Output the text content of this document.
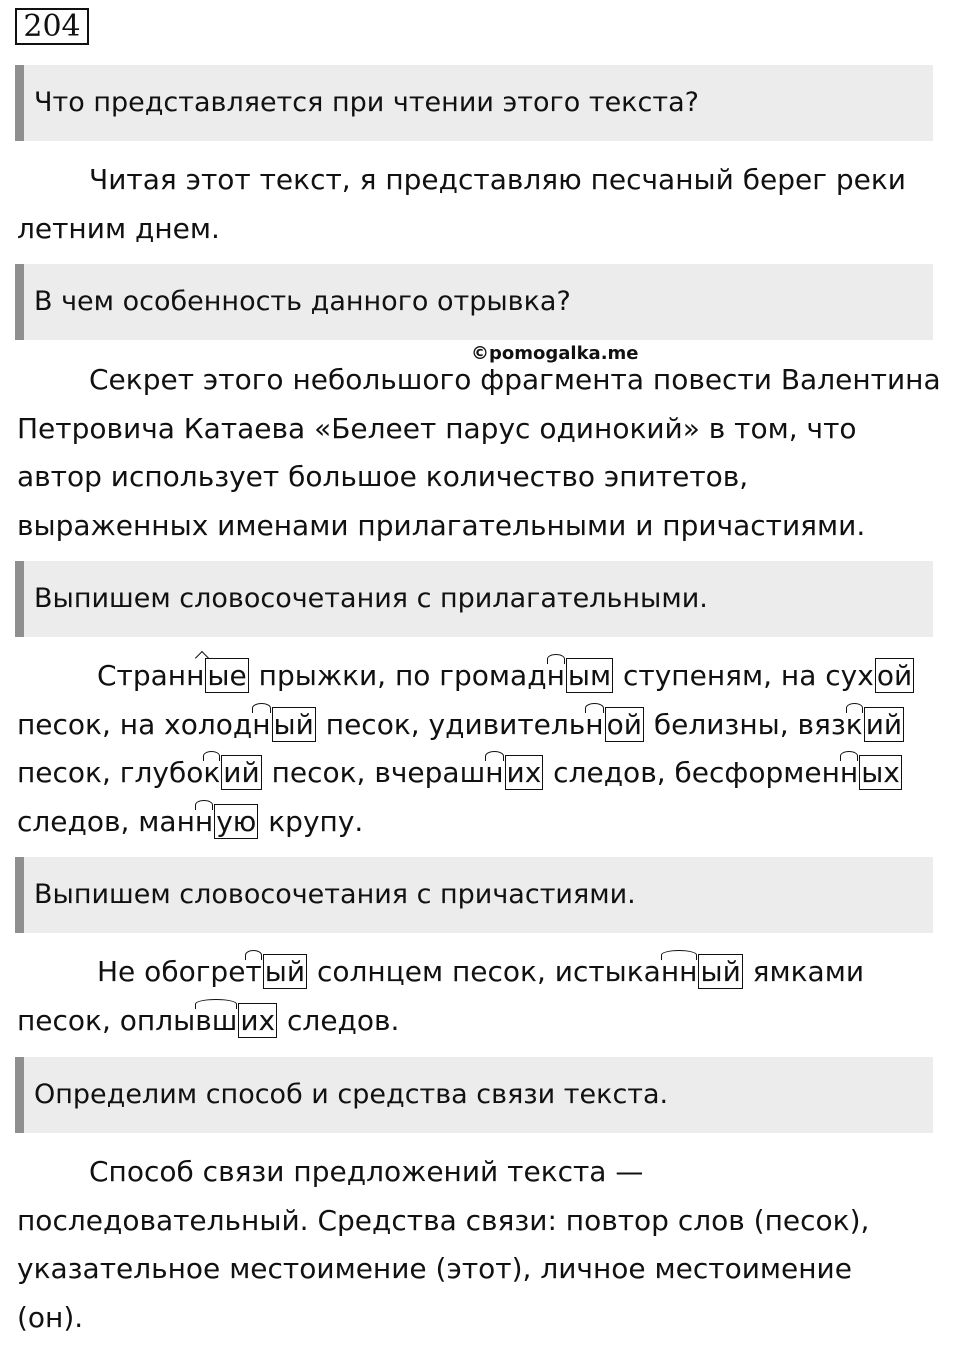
204
Что представляется при чтении этого текста?

Читая этот текст, я представляю песчаный берег реки
летним днем.

В чем особенность данного отрывка?
©pomogalka.me

Секрет этого небольшого фрагмента повести Валентина
Петровича Катаева «Белеет парус одинокий» в том, что
автор использует большое количество эпитетов,
выраженных именами прилагательными и причастиями.

Выпишем словосочетания с прилагательными.

Странн ые прыжки, по громадн ым ступеням, на сух ой
песок, на холодн ый песок, удивительн ой белизны, вязк ий
песок, глубок ий песок, вчерашн их следов, бесформенн ых
следов, манн ую крупу.

Выпишем словосочетания с причастиями.

Не обогрет ый солнцем песок, истыканн ый ямками
песок, оплывш их следов.

Определим способ и средства связи текста.

Способ связи предложений текста —
последовательный. Средства связи: повтор слов (песок),
указательное местоимение (этот), личное местоимение
(он).
